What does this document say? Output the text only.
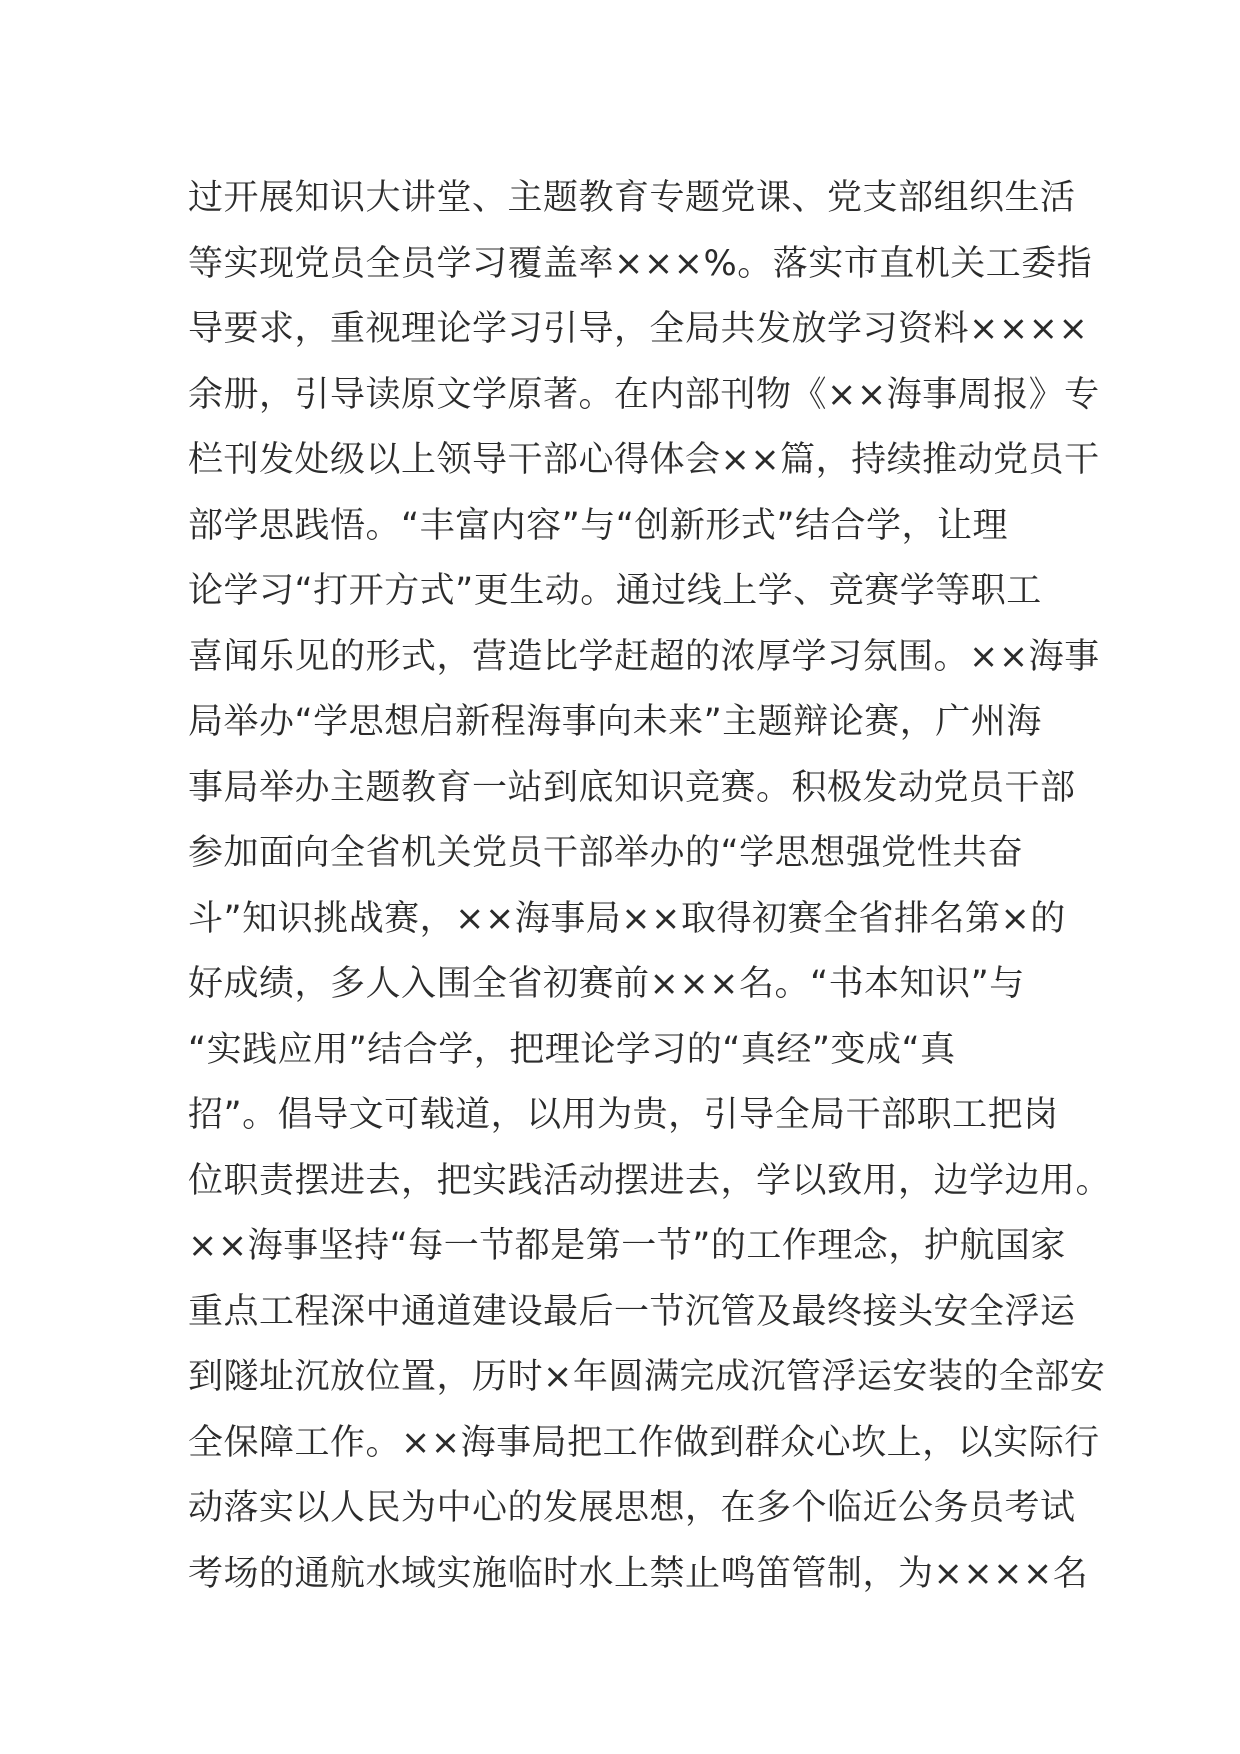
过开展知识大讲堂、主题教育专题党课、党支部组织生活
等实现党员全员学习覆盖率×××%。落实市直机关工委指
导要求，重视理论学习引导，全局共发放学习资料××××
余册，引导读原文学原著。在内部刊物《××海事周报》专
栏刊发处级以上领导干部心得体会××篇，持续推动党员干
部学思践悟。“丰富内容”与“创新形式”结合学，让理
论学习“打开方式”更生动。通过线上学、竞赛学等职工
喜闻乐见的形式，营造比学赶超的浓厚学习氛围。××海事
局举办“学思想启新程海事向未来”主题辩论赛，广州海
事局举办主题教育一站到底知识竞赛。积极发动党员干部
参加面向全省机关党员干部举办的“学思想强党性共奋
斗”知识挑战赛，××海事局××取得初赛全省排名第×的
好成绩，多人入围全省初赛前×××名。“书本知识”与
“实践应用”结合学，把理论学习的“真经”变成“真
招”。倡导文可载道，以用为贵，引导全局干部职工把岗
位职责摆进去，把实践活动摆进去，学以致用，边学边用。
××海事坚持“每一节都是第一节”的工作理念，护航国家
重点工程深中通道建设最后一节沉管及最终接头安全浮运
到隧址沉放位置，历时×年圆满完成沉管浮运安装的全部安
全保障工作。××海事局把工作做到群众心坎上，以实际行
动落实以人民为中心的发展思想，在多个临近公务员考试
考场的通航水域实施临时水上禁止鸣笛管制，为××××名
